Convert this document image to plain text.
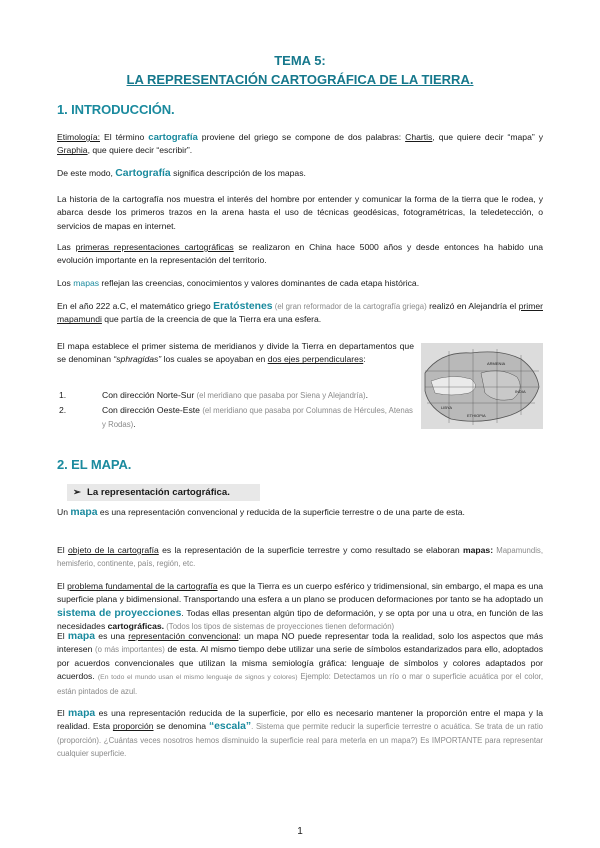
TEMA 5:
LA REPRESENTACIÓN CARTOGRÁFICA DE LA TIERRA.
1. INTRODUCCIÓN.

Etimología: El término cartografía proviene del griego se compone de dos palabras: Chartis, que quiere decir “mapa” y Graphia, que quiere decir “escribir”.

De este modo, Cartografía significa descripción de los mapas.

La historia de la cartografía nos muestra el interés del hombre por entender y comunicar la forma de la tierra que le rodea, y abarca desde los primeros trazos en la arena hasta el uso de técnicas geodésicas, fotogramétricas, la teledetección, o servicios de mapas en internet.

Las primeras representaciones cartográficas se realizaron en China hace 5000 años y desde entonces ha habido una evolución importante en la representación del territorio.

Los mapas reflejan las creencias, conocimientos y valores dominantes de cada etapa histórica.

En el año 222 a.C, el matemático griego Eratóstenes (el gran reformador de la cartografía griega) realizó en Alejandría el primer mapamundi que partía de la creencia de que la Tierra era una esfera.

El mapa establece el primer sistema de meridianos y divide la Tierra en departamentos que se denominan “sphragidas” los cuales se apoyaban en dos ejes perpendiculares:

1.	Con dirección Norte-Sur (el meridiano que pasaba por Siena y Alejandría).
2.	Con dirección Oeste-Este (el meridiano que pasaba por Columnas de Hércules, Atenas y Rodas).
ARMENIA
INDIA
LIBYA
ETHIOPIA
2. EL MAPA.
➢ La representación cartográfica.

Un mapa es una representación convencional y reducida de la superficie terrestre o de una parte de esta.

El objeto de la cartografía es la representación de la superficie terrestre y como resultado se elaboran mapas: Mapamundis, hemisferio, continente, país, región, etc.

El problema fundamental de la cartografía es que la Tierra es un cuerpo esférico y tridimensional, sin embargo, el mapa es una superficie plana y bidimensional. Transportando una esfera a un plano se producen deformaciones por tanto se ha adoptado un sistema de proyecciones. Todas ellas presentan algún tipo de deformación, y se opta por una u otra, en función de las necesidades cartográficas. (Todos los tipos de sistemas de proyecciones tienen deformación)

El mapa es una representación convencional: un mapa NO puede representar toda la realidad, solo los aspectos que más interesen (o más importantes) de esta. Al mismo tiempo debe utilizar una serie de símbolos estandarizados para ello, adoptados por acuerdos convencionales que utilizan la misma semiología gráfica: lenguaje de símbolos y colores adaptados por acuerdos. (En todo el mundo usan el mismo lenguaje de signos y colores) Ejemplo: Detectamos un río o mar o superficie acuática por el color, están pintados de azul.

El mapa es una representación reducida de la superficie, por ello es necesario mantener la proporción entre el mapa y la realidad. Esta proporción se denomina “escala”. Sistema que permite reducir la superficie terrestre o acuática. Se trata de un ratio (proporción). ¿Cuántas veces nosotros hemos disminuido la superficie real para meterla en un mapa?) Es IMPORTANTE para representar cualquier superficie.

1
